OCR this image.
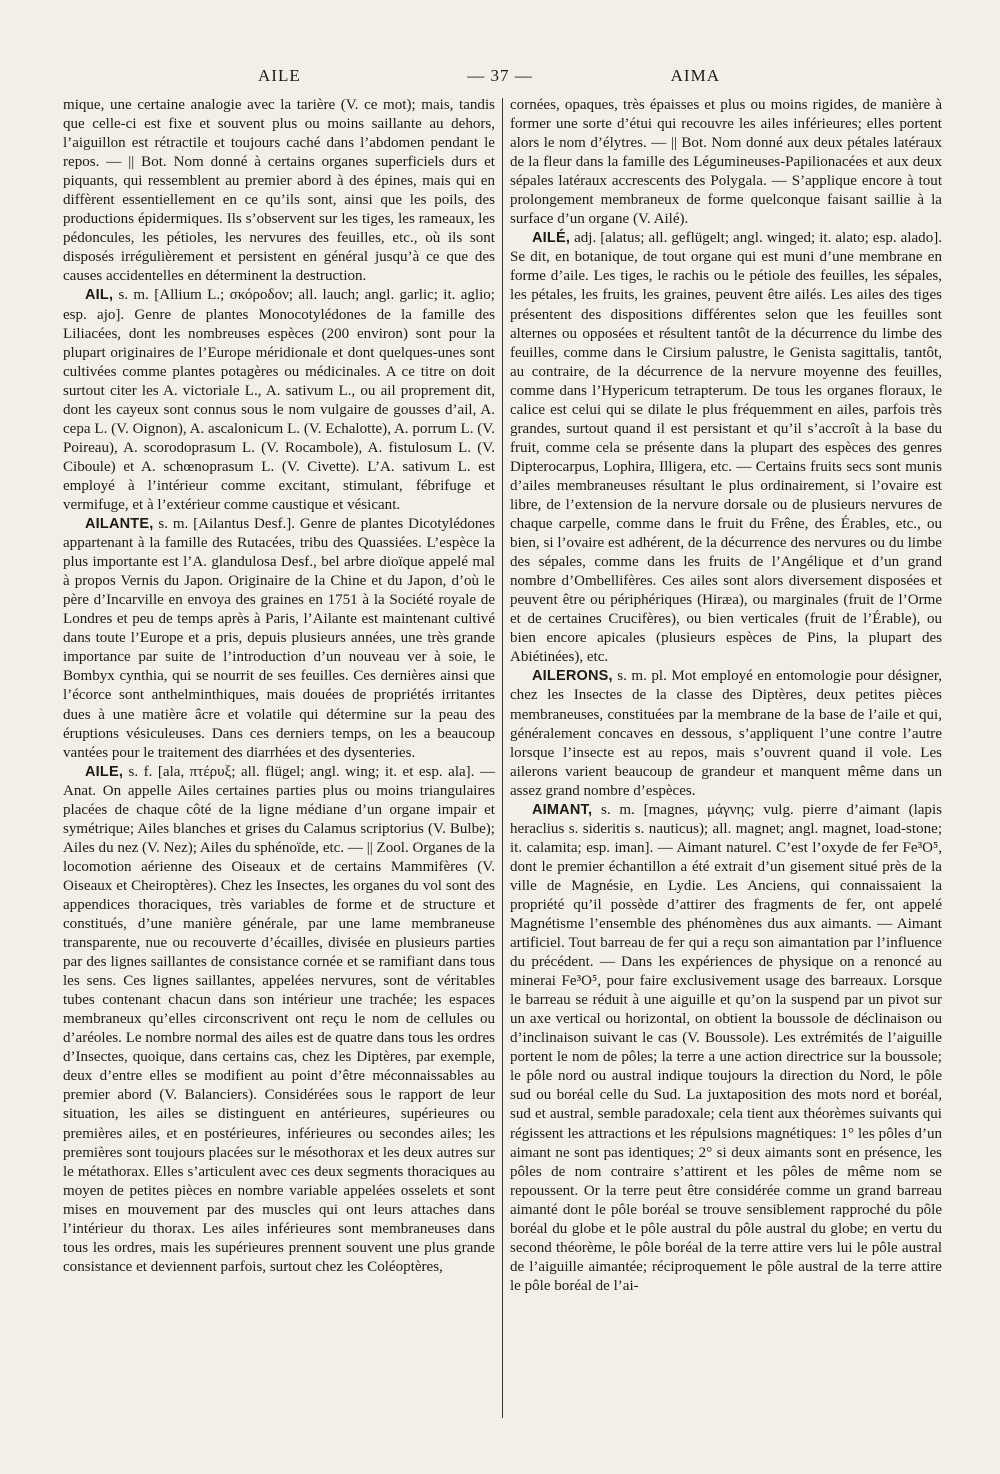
AILE	— 37 —	AIMA

mique, une certaine analogie avec la tarière (V. ce mot); mais, tandis que celle-ci est fixe et souvent plus ou moins saillante au dehors, l’aiguillon est rétractile et toujours caché dans l’abdomen pendant le repos. — || Bot. Nom donné à certains organes superficiels durs et piquants, qui ressemblent au premier abord à des épines, mais qui en diffèrent essentiellement en ce qu’ils sont, ainsi que les poils, des productions épidermiques. Ils s’observent sur les tiges, les rameaux, les pédoncules, les pétioles, les nervures des feuilles, etc., où ils sont disposés irrégulièrement et persistent en général jusqu’à ce que des causes accidentelles en déterminent la destruction.

AIL, s. m. [Allium L.; σκόροδον; all. lauch; angl. garlic; it. aglio; esp. ajo]. Genre de plantes Monocotylédones de la famille des Liliacées, dont les nombreuses espèces (200 environ) sont pour la plupart originaires de l’Europe méridionale et dont quelques-unes sont cultivées comme plantes potagères ou médicinales. A ce titre on doit surtout citer les A. victoriale L., A. sativum L., ou ail proprement dit, dont les cayeux sont connus sous le nom vulgaire de gousses d’ail, A. cepa L. (V. Oignon), A. ascalonicum L. (V. Echalotte), A. porrum L. (V. Poireau), A. scorodoprasum L. (V. Rocambole), A. fistulosum L. (V. Ciboule) et A. schœnoprasum L. (V. Civette). L’A. sativum L. est employé à l’intérieur comme excitant, stimulant, fébrifuge et vermifuge, et à l’extérieur comme caustique et vésicant.

AILANTE, s. m. [Ailantus Desf.]. Genre de plantes Dicotylédones appartenant à la famille des Rutacées, tribu des Quassiées. L’espèce la plus importante est l’A. glandulosa Desf., bel arbre dioïque appelé mal à propos Vernis du Japon. Originaire de la Chine et du Japon, d’où le père d’Incarville en envoya des graines en 1751 à la Société royale de Londres et peu de temps après à Paris, l’Ailante est maintenant cultivé dans toute l’Europe et a pris, depuis plusieurs années, une très grande importance par suite de l’introduction d’un nouveau ver à soie, le Bombyx cynthia, qui se nourrit de ses feuilles. Ces dernières ainsi que l’écorce sont anthelminthiques, mais douées de propriétés irritantes dues à une matière âcre et volatile qui détermine sur la peau des éruptions vésiculeuses. Dans ces derniers temps, on les a beaucoup vantées pour le traitement des diarrhées et des dysenteries.

AILE, s. f. [ala, πτέρυξ; all. flügel; angl. wing; it. et esp. ala]. — Anat. On appelle Ailes certaines parties plus ou moins triangulaires placées de chaque côté de la ligne médiane d’un organe impair et symétrique; Ailes blanches et grises du Calamus scriptorius (V. Bulbe); Ailes du nez (V. Nez); Ailes du sphénoïde, etc. — || Zool. Organes de la locomotion aérienne des Oiseaux et de certains Mammifères (V. Oiseaux et Cheiroptères). Chez les Insectes, les organes du vol sont des appendices thoraciques, très variables de forme et de structure et constitués, d’une manière générale, par une lame membraneuse transparente, nue ou recouverte d’écailles, divisée en plusieurs parties par des lignes saillantes de consistance cornée et se ramifiant dans tous les sens. Ces lignes saillantes, appelées nervures, sont de véritables tubes contenant chacun dans son intérieur une trachée; les espaces membraneux qu’elles circonscrivent ont reçu le nom de cellules ou d’aréoles. Le nombre normal des ailes est de quatre dans tous les ordres d’Insectes, quoique, dans certains cas, chez les Diptères, par exemple, deux d’entre elles se modifient au point d’être méconnaissables au premier abord (V. Balanciers). Considérées sous le rapport de leur situation, les ailes se distinguent en antérieures, supérieures ou premières ailes, et en postérieures, inférieures ou secondes ailes; les premières sont toujours placées sur le mésothorax et les deux autres sur le métathorax. Elles s’articulent avec ces deux segments thoraciques au moyen de petites pièces en nombre variable appelées osselets et sont mises en mouvement par des muscles qui ont leurs attaches dans l’intérieur du thorax. Les ailes inférieures sont membraneuses dans tous les ordres, mais les supérieures prennent souvent une plus grande consistance et deviennent parfois, surtout chez les Coléoptères,

cornées, opaques, très épaisses et plus ou moins rigides, de manière à former une sorte d’étui qui recouvre les ailes inférieures; elles portent alors le nom d’élytres. — || Bot. Nom donné aux deux pétales latéraux de la fleur dans la famille des Légumineuses-Papilionacées et aux deux sépales latéraux accrescents des Polygala. — S’applique encore à tout prolongement membraneux de forme quelconque faisant saillie à la surface d’un organe (V. Ailé).

AILÉ, adj. [alatus; all. geflügelt; angl. winged; it. alato; esp. alado]. Se dit, en botanique, de tout organe qui est muni d’une membrane en forme d’aile. Les tiges, le rachis ou le pétiole des feuilles, les sépales, les pétales, les fruits, les graines, peuvent être ailés. Les ailes des tiges présentent des dispositions différentes selon que les feuilles sont alternes ou opposées et résultent tantôt de la décurrence du limbe des feuilles, comme dans le Cirsium palustre, le Genista sagittalis, tantôt, au contraire, de la décurrence de la nervure moyenne des feuilles, comme dans l’Hypericum tetrapterum. De tous les organes floraux, le calice est celui qui se dilate le plus fréquemment en ailes, parfois très grandes, surtout quand il est persistant et qu’il s’accroît à la base du fruit, comme cela se présente dans la plupart des espèces des genres Dipterocarpus, Lophira, Illigera, etc. — Certains fruits secs sont munis d’ailes membraneuses résultant le plus ordinairement, si l’ovaire est libre, de l’extension de la nervure dorsale ou de plusieurs nervures de chaque carpelle, comme dans le fruit du Frêne, des Érables, etc., ou bien, si l’ovaire est adhérent, de la décurrence des nervures ou du limbe des sépales, comme dans les fruits de l’Angélique et d’un grand nombre d’Ombellifères. Ces ailes sont alors diversement disposées et peuvent être ou périphériques (Hiræa), ou marginales (fruit de l’Orme et de certaines Crucifères), ou bien verticales (fruit de l’Érable), ou bien encore apicales (plusieurs espèces de Pins, la plupart des Abiétinées), etc.

AILERONS, s. m. pl. Mot employé en entomologie pour désigner, chez les Insectes de la classe des Diptères, deux petites pièces membraneuses, constituées par la membrane de la base de l’aile et qui, généralement concaves en dessous, s’appliquent l’une contre l’autre lorsque l’insecte est au repos, mais s’ouvrent quand il vole. Les ailerons varient beaucoup de grandeur et manquent même dans un assez grand nombre d’espèces.

AIMANT, s. m. [magnes, μάγνης; vulg. pierre d’aimant (lapis heraclius s. sideritis s. nauticus); all. magnet; angl. magnet, load-stone; it. calamita; esp. iman]. — Aimant naturel. C’est l’oxyde de fer Fe³O⁵, dont le premier échantillon a été extrait d’un gisement situé près de la ville de Magnésie, en Lydie. Les Anciens, qui connaissaient la propriété qu’il possède d’attirer des fragments de fer, ont appelé Magnétisme l’ensemble des phénomènes dus aux aimants. — Aimant artificiel. Tout barreau de fer qui a reçu son aimantation par l’influence du précédent. — Dans les expériences de physique on a renoncé au minerai Fe³O⁵, pour faire exclusivement usage des barreaux. Lorsque le barreau se réduit à une aiguille et qu’on la suspend par un pivot sur un axe vertical ou horizontal, on obtient la boussole de déclinaison ou d’inclinaison suivant le cas (V. Boussole). Les extrémités de l’aiguille portent le nom de pôles; la terre a une action directrice sur la boussole; le pôle nord ou austral indique toujours la direction du Nord, le pôle sud ou boréal celle du Sud. La juxtaposition des mots nord et boréal, sud et austral, semble paradoxale; cela tient aux théorèmes suivants qui régissent les attractions et les répulsions magnétiques: 1° les pôles d’un aimant ne sont pas identiques; 2° si deux aimants sont en présence, les pôles de nom contraire s’attirent et les pôles de même nom se repoussent. Or la terre peut être considérée comme un grand barreau aimanté dont le pôle boréal se trouve sensiblement rapproché du pôle boréal du globe et le pôle austral du pôle austral du globe; en vertu du second théorème, le pôle boréal de la terre attire vers lui le pôle austral de l’aiguille aimantée; réciproquement le pôle austral de la terre attire le pôle boréal de l’ai-
